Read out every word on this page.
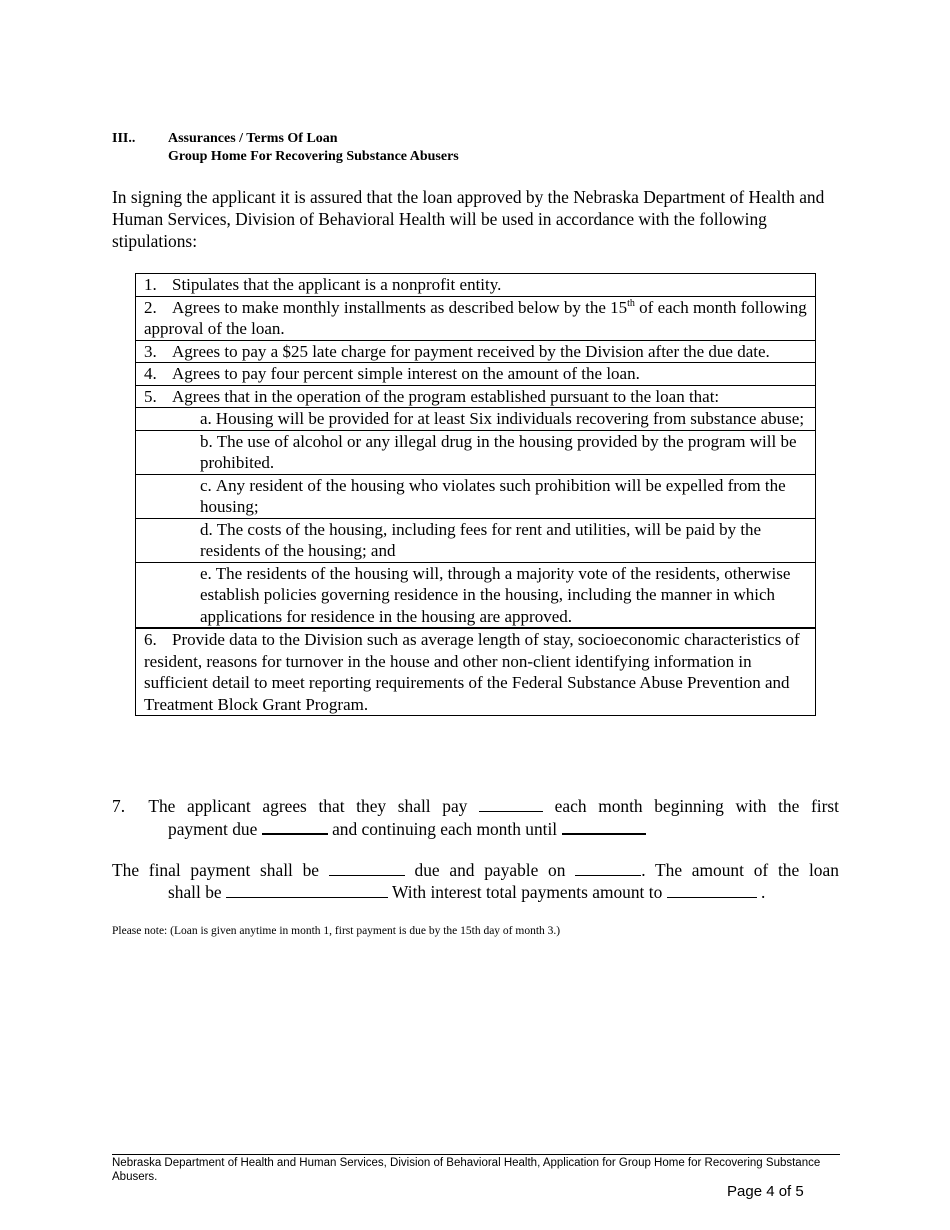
III.. Assurances / Terms Of Loan
Group Home For Recovering Substance Abusers
In signing the applicant it is assured that the loan approved by the Nebraska Department of Health and Human Services, Division of Behavioral Health will be used in accordance with the following stipulations:
1. Stipulates that the applicant is a nonprofit entity.
2. Agrees to make monthly installments as described below by the 15th of each month following approval of the loan.
3. Agrees to pay a $25 late charge for payment received by the Division after the due date.
4. Agrees to pay four percent simple interest on the amount of the loan.
5. Agrees that in the operation of the program established pursuant to the loan that:
a. Housing will be provided for at least Six individuals recovering from substance abuse;
b. The use of alcohol or any illegal drug in the housing provided by the program will be prohibited.
c. Any resident of the housing who violates such prohibition will be expelled from the housing;
d. The costs of the housing, including fees for rent and utilities, will be paid by the residents of the housing; and
e. The residents of the housing will, through a majority vote of the residents, otherwise establish policies governing residence in the housing, including the manner in which applications for residence in the housing are approved.
6. Provide data to the Division such as average length of stay, socioeconomic characteristics of resident, reasons for turnover in the house and other non-client identifying information in sufficient detail to meet reporting requirements of the Federal Substance Abuse Prevention and Treatment Block Grant Program.
7. The applicant agrees that they shall pay	each month beginning with the first
payment due	and continuing each month until
The final payment shall be	due and payable on	. The amount of the loan
shall be	With interest total payments amount to	.
Please note: (Loan is given anytime in month 1, first payment is due by the 15th day of month 3.)
Nebraska Department of Health and Human Services, Division of Behavioral Health, Application for Group Home for Recovering Substance Abusers.
Page 4 of 5
